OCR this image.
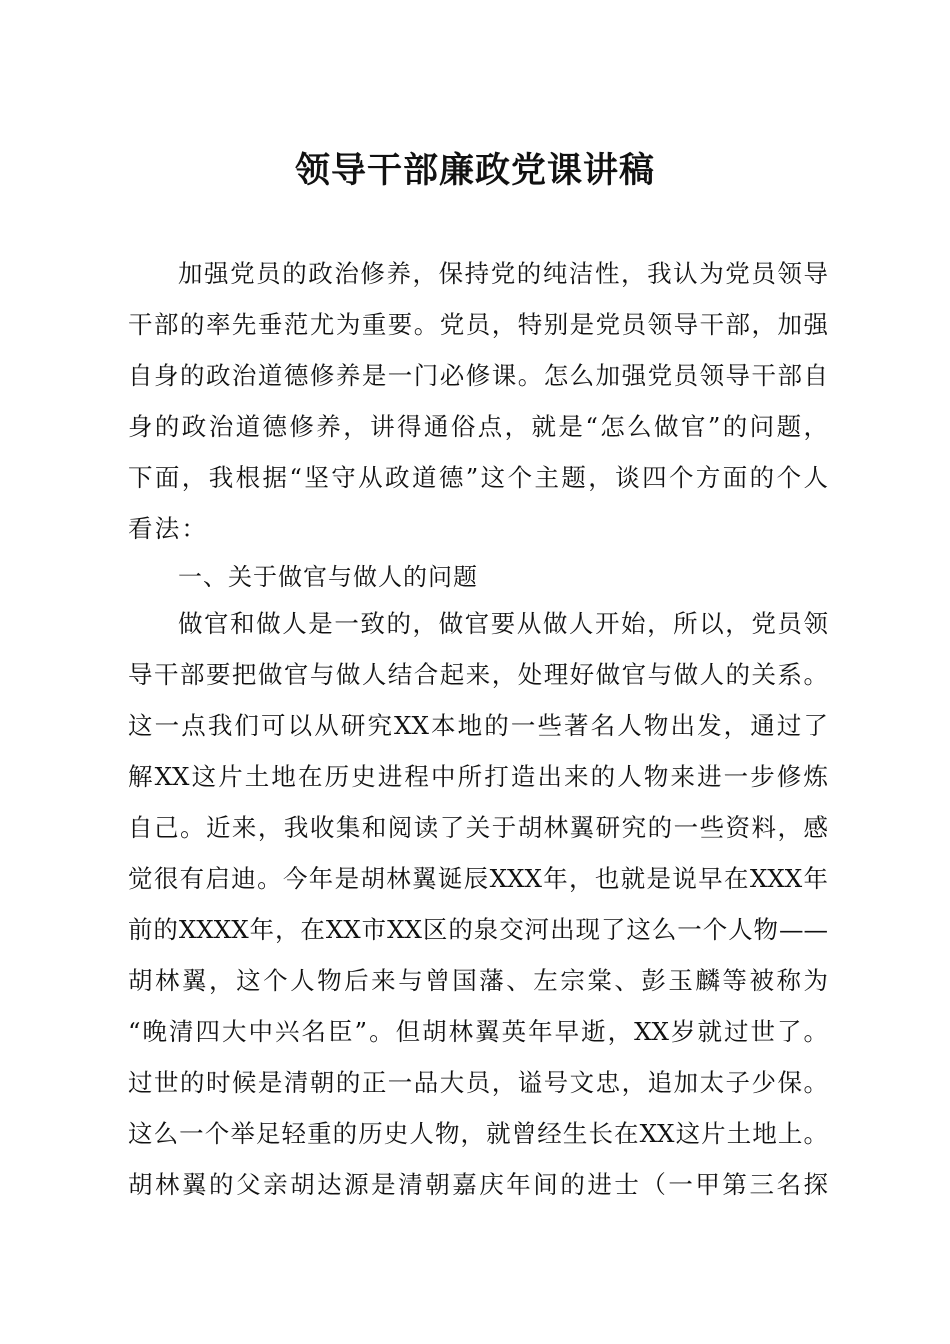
领导干部廉政党课讲稿
加强党员的政治修养，保持党的纯洁性，我认为党员领导
干部的率先垂范尤为重要。党员，特别是党员领导干部，加强
自身的政治道德修养是一门必修课。怎么加强党员领导干部自
身的政治道德修养，讲得通俗点，就是“怎么做官”的问题，
下面，我根据“坚守从政道德”这个主题，谈四个方面的个人
看法：
一、关于做官与做人的问题
做官和做人是一致的，做官要从做人开始，所以，党员领
导干部要把做官与做人结合起来，处理好做官与做人的关系。
这一点我们可以从研究XX本地的一些著名人物出发，通过了
解XX这片土地在历史进程中所打造出来的人物来进一步修炼
自己。近来，我收集和阅读了关于胡林翼研究的一些资料，感
觉很有启迪。今年是胡林翼诞辰XXX年，也就是说早在XXX年
前的XXXX年，在XX市XX区的泉交河出现了这么一个人物——
胡林翼，这个人物后来与曾国藩、左宗棠、彭玉麟等被称为
“晚清四大中兴名臣”。但胡林翼英年早逝，XX岁就过世了。
过世的时候是清朝的正一品大员，谥号文忠，追加太子少保。
这么一个举足轻重的历史人物，就曾经生长在XX这片土地上。
胡林翼的父亲胡达源是清朝嘉庆年间的进士（一甲第三名探
